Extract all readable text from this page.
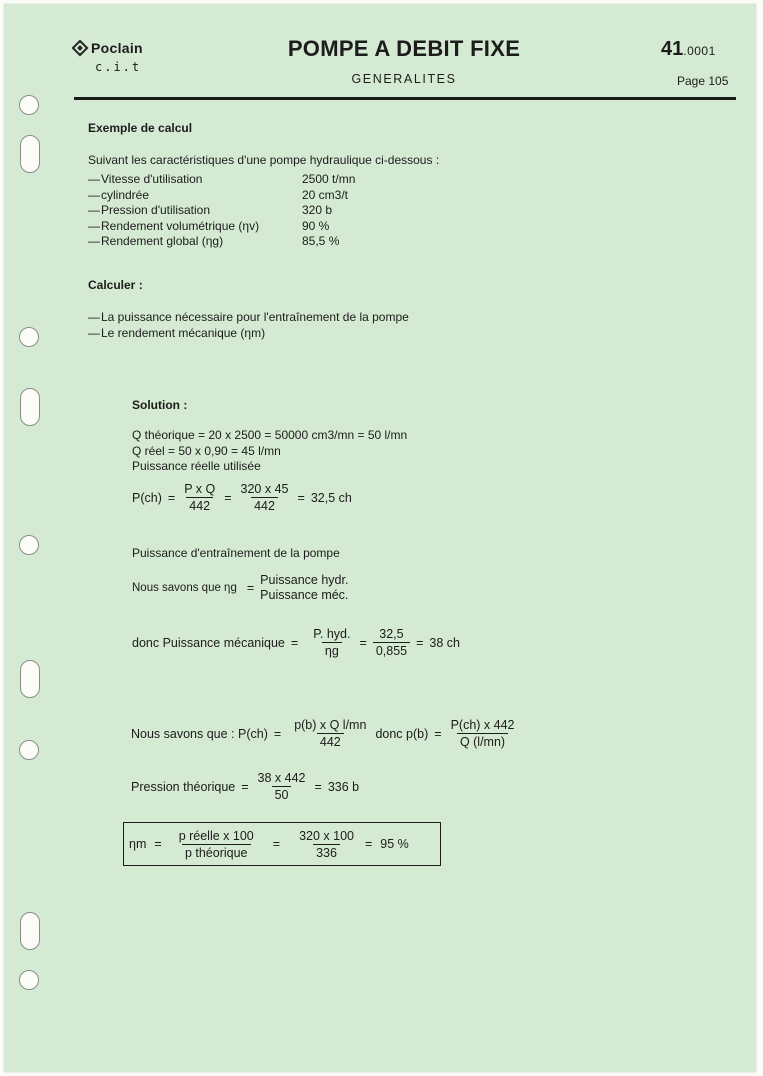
Poclain
c.i.t
POMPE A DEBIT FIXE
GENERALITES
41.0001
Page 105
Exemple de calcul
Suivant les caractéristiques d'une pompe hydraulique ci-dessous :
—Vitesse d'utilisation	2500 t/mn
—cylindrée	20 cm3/t
—Pression d'utilisation	320 b
—Rendement volumétrique (ηv)	90 %
—Rendement global (ηg)	85,5 %
Calculer :
—La puissance nécessaire pour l'entraînement de la pompe
—Le rendement mécanique (ηm)
Solution :
Q théorique = 20 x 2500 = 50000 cm3/mn = 50 l/mn
Q réel = 50 x 0,90 = 45 l/mn
Puissance réelle utilisée
$P(ch) = \frac{\text{P x Q}}{442} = \frac{320 x 45}{442} = 32,5$ ch
Puissance d'entraînement de la pompe
Nous savons que ηg =
Puissance hydr.
Puissance méc.
donc Puissance mécanique = $\frac{\text{P. hyd.}}{\eta g} = \frac{32,5}{0,855} = 38$ ch
Nous savons que : $P(ch) = \frac{\text{p(b) x Q l/mn}}{442}$ donc $p(b) = \frac{P(ch) x 442}{Q (l/mn)}$
Pression théorique = $\frac{38 x 442}{50} = 336$ b
$\eta m = \frac{\text{p réelle x 100}}{\text{p théorique}} = \frac{320 x 100}{336} = 95$ %
